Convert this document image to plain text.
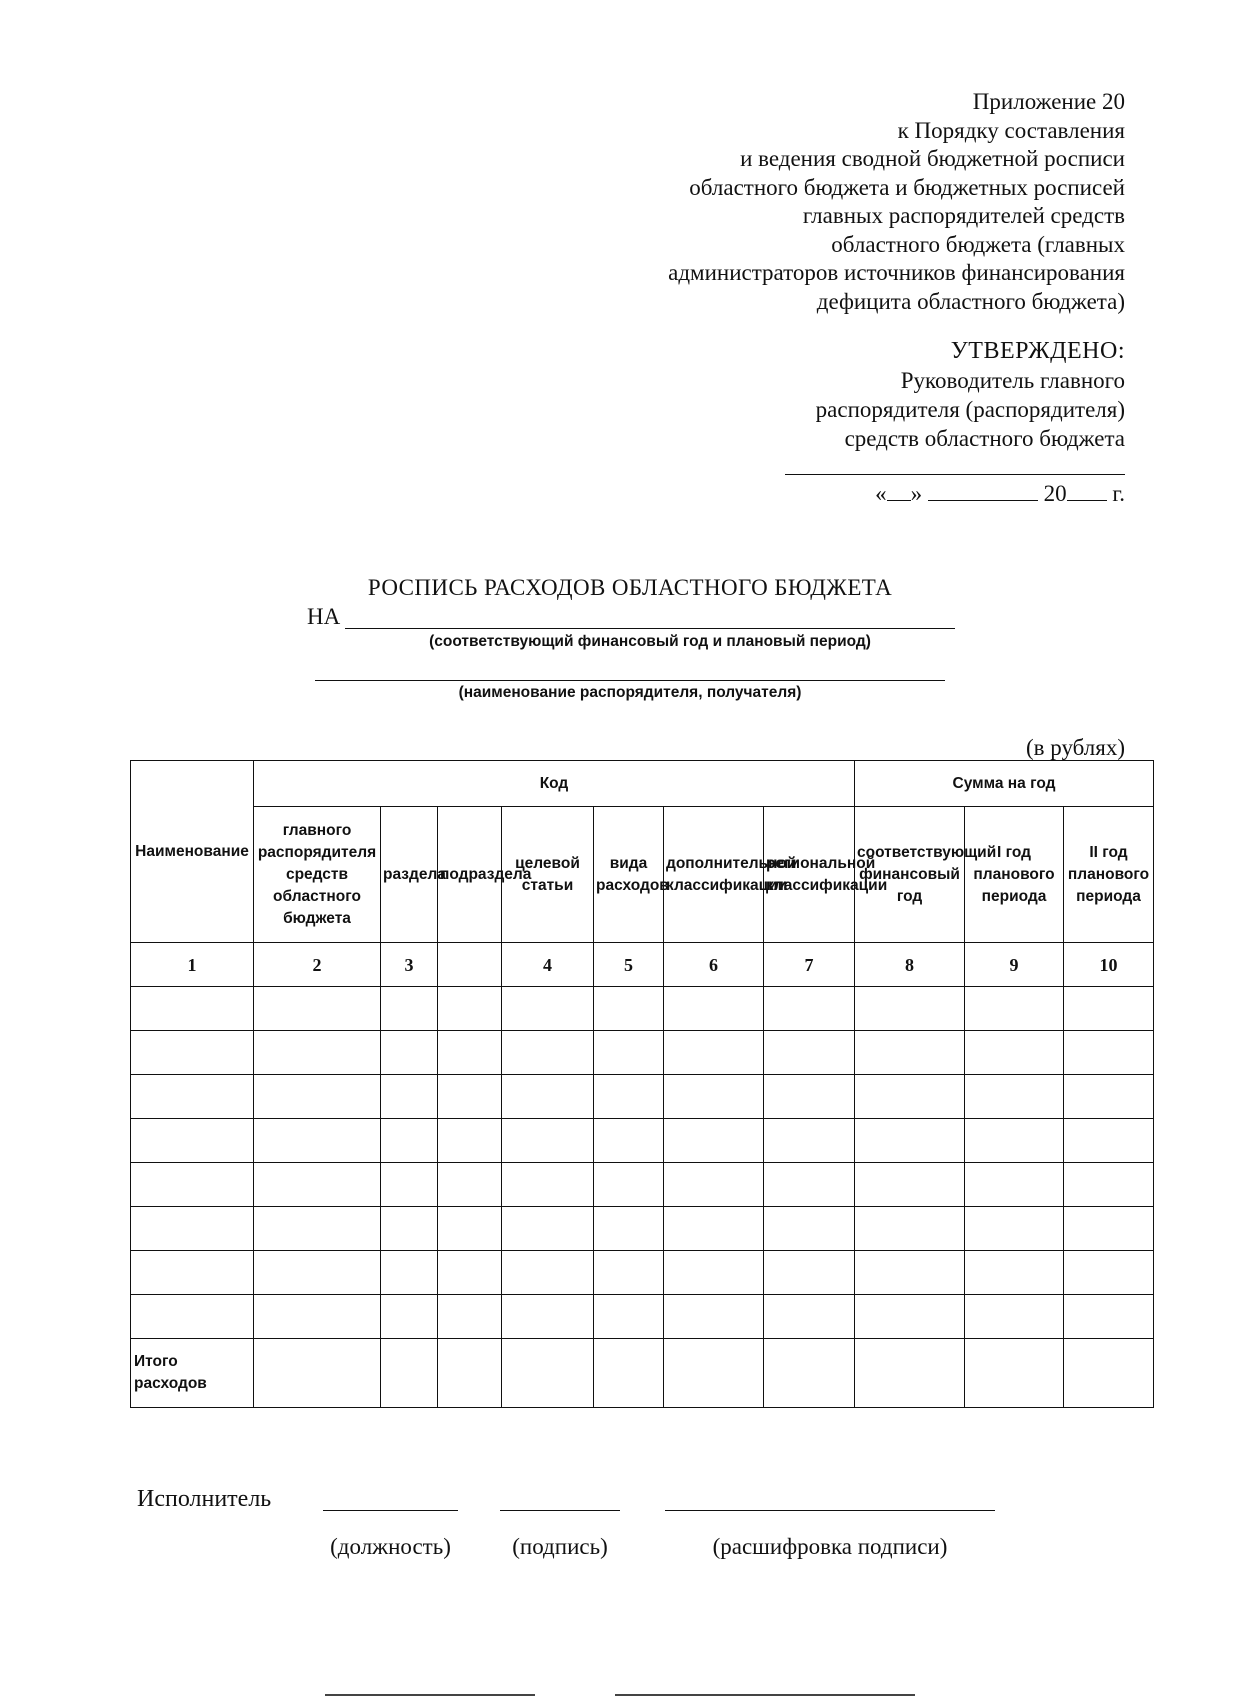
Приложение 20
к Порядку составления
и ведения сводной бюджетной росписи
областного бюджета и бюджетных росписей
главных распорядителей средств
областного бюджета (главных
администраторов источников финансирования
дефицита областного бюджета)
УТВЕРЖДЕНО:
Руководитель главного
распорядителя (распорядителя)
средств областного бюджета
« »	20 г.
РОСПИСЬ РАСХОДОВ ОБЛАСТНОГО БЮДЖЕТА
НА
(соответствующий финансовый год и плановый период)
(наименование распорядителя, получателя)
(в рублях)
Наименование	Код							Сумма на год		
	главного распорядителя средств областного бюджета	раздела	подраздела	целевой статьи	вида расходов	дополнительной классификации	региональной классификации	соответствующий финансовый год	I год планового периода	II год планового периода
1	2	3		4	5	6	7	8	9	10

Итого расходов										
Исполнитель
(должность)	(подпись)	(расшифровка подписи)
